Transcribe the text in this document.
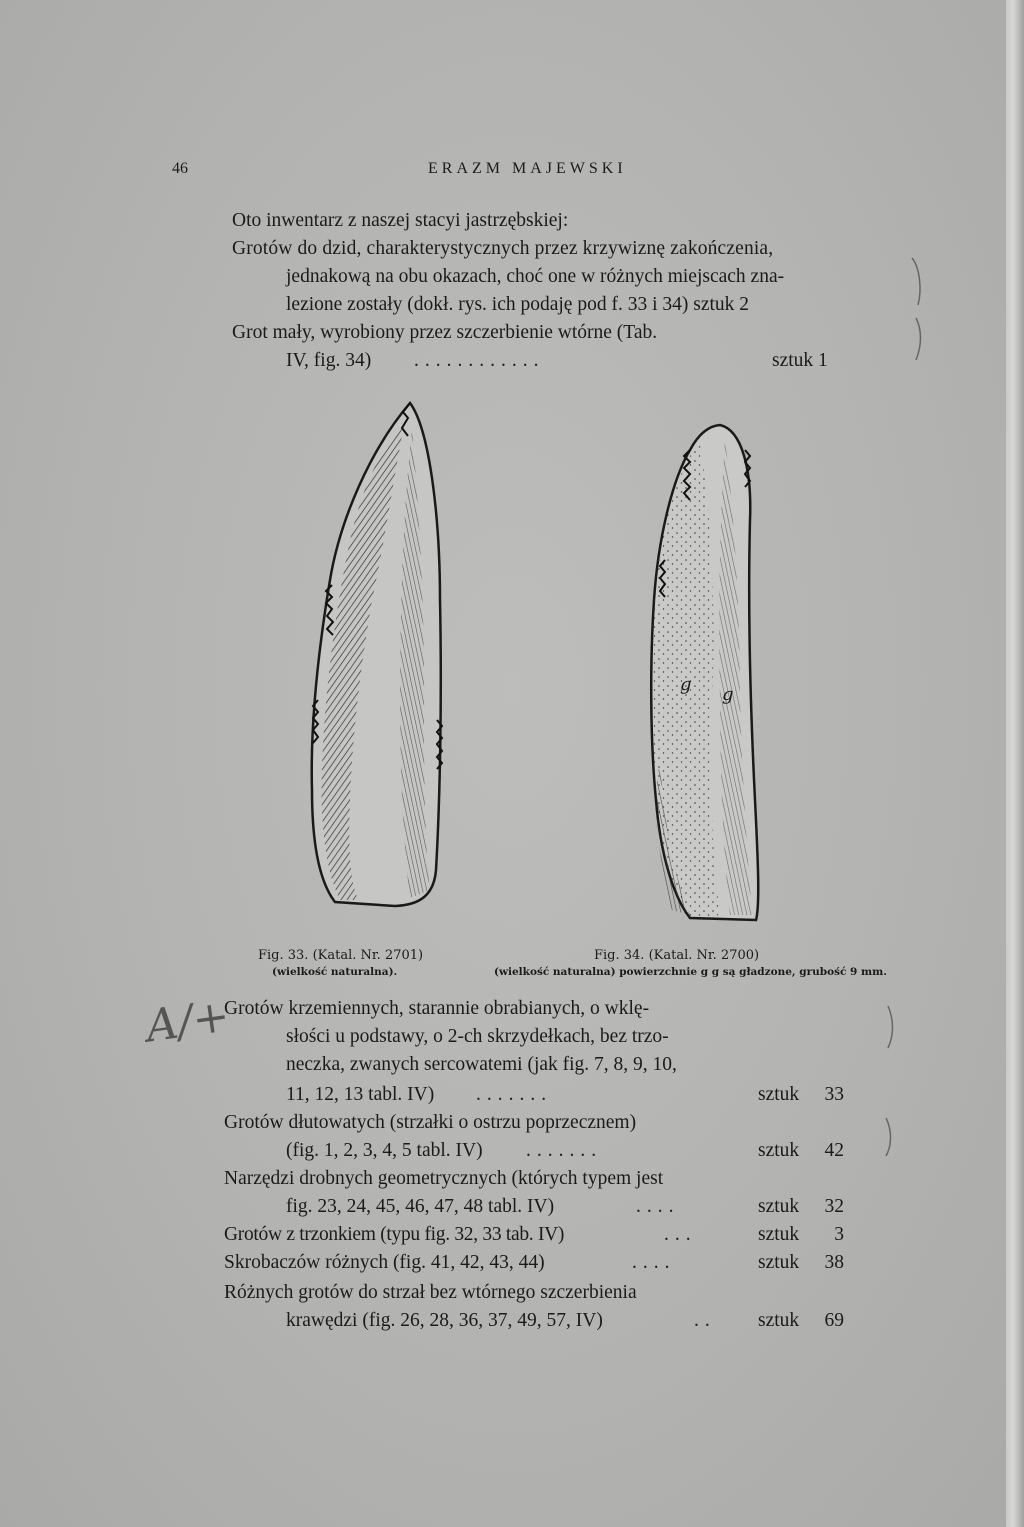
46	ERAZM MAJEWSKI
Oto inwentarz z naszej stacyi jastrzębskiej:
Grotów do dzid, charakterystycznych przez krzywiznę zakończenia,
jednakową na obu okazach, choć one w różnych miejscach zna-
lezione zostały (dokł. rys. ich podaję pod f. 33 i 34) sztuk 2
Grot mały, wyrobiony przez szczerbienie wtórne (Tab.
IV, fig. 34) ............	sztuk 1
g g
Fig. 33. (Katal. Nr. 2701)
(wielkość naturalna).
Fig. 34. (Katal. Nr. 2700)
(wielkość naturalna) powierzchnie g g są gładzone, grubość 9 mm.
A/+
Grotów krzemiennych, starannie obrabianych, o wklę-
słości u podstawy, o 2-ch skrzydełkach, bez trzo-
neczka, zwanych sercowatemi (jak fig. 7, 8, 9, 10,
11, 12, 13 tabl. IV) .......	sztuk	33
Grotów dłutowatych (strzałki o ostrzu poprzecznem)
(fig. 1, 2, 3, 4, 5 tabl. IV) .......	sztuk	42
Narzędzi drobnych geometrycznych (których typem jest
fig. 23, 24, 45, 46, 47, 48 tabl. IV)	....	sztuk	32
Grotów z trzonkiem (typu fig. 32, 33 tab. IV)	...	sztuk	3
Skrobaczów różnych (fig. 41, 42, 43, 44)	....	sztuk	38
Różnych grotów do strzał bez wtórnego szczerbienia
krawędzi (fig. 26, 28, 36, 37, 49, 57, IV)	.. sztuk	69
